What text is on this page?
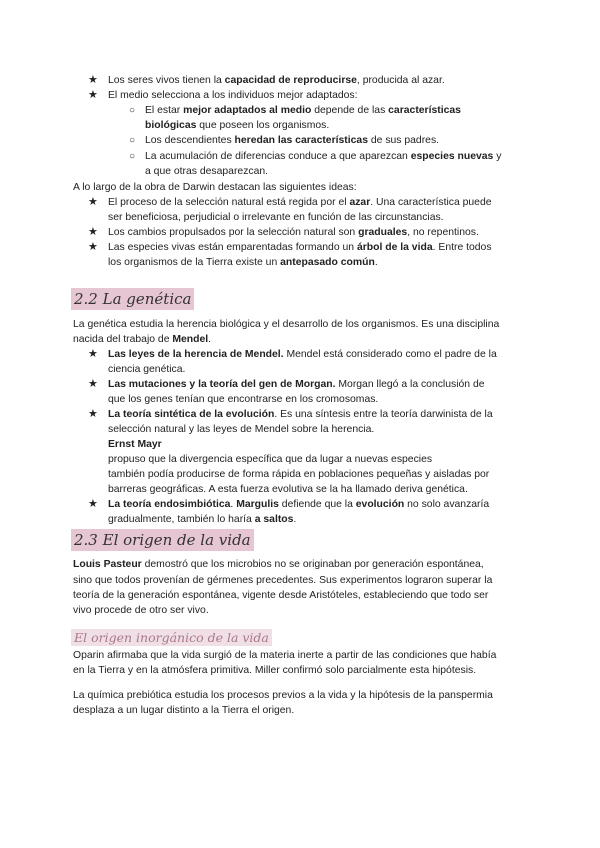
★ Los seres vivos tienen la capacidad de reproducirse, producida al azar.
★ El medio selecciona a los individuos mejor adaptados:
○ El estar mejor adaptados al medio depende de las características
biológicas que poseen los organismos.
○ Los descendientes heredan las características de sus padres.
○ La acumulación de diferencias conduce a que aparezcan especies nuevas y
a que otras desaparezcan.
A lo largo de la obra de Darwin destacan las siguientes ideas:
★ El proceso de la selección natural está regida por el azar. Una característica puede
ser beneficiosa, perjudicial o irrelevante en función de las circunstancias.
★ Los cambios propulsados por la selección natural son graduales, no repentinos.
★ Las especies vivas están emparentadas formando un árbol de la vida. Entre todos
los organismos de la Tierra existe un antepasado común.
2.2 La genética
La genética estudia la herencia biológica y el desarrollo de los organismos. Es una disciplina
nacida del trabajo de Mendel.
★ Las leyes de la herencia de Mendel. Mendel está considerado como el padre de la
ciencia genética.
★ Las mutaciones y la teoría del gen de Morgan. Morgan llegó a la conclusión de
que los genes tenían que encontrarse en los cromosomas.
★ La teoría sintética de la evolución. Es una síntesis entre la teoría darwinista de la
selección natural y las leyes de Mendel sobre la herencia.
Ernst Mayr
propuso que la divergencia específica que da lugar a nuevas especies
también podía producirse de forma rápida en poblaciones pequeñas y aisladas por
barreras geográficas. A esta fuerza evolutiva se la ha llamado deriva genética.
★ La teoría endosimbiótica. Margulis defiende que la evolución no solo avanzaría
gradualmente, también lo haría a saltos.
2.3 El origen de la vida
Louis Pasteur demostró que los microbios no se originaban por generación espontánea,
sino que todos provenían de gérmenes precedentes. Sus experimentos lograron superar la
teoría de la generación espontánea, vigente desde Aristóteles, estableciendo que todo ser
vivo procede de otro ser vivo.
El origen inorgánico de la vida
Oparin afirmaba que la vida surgió de la materia inerte a partir de las condiciones que había
en la Tierra y en la atmósfera primitiva. Miller confirmó solo parcialmente esta hipótesis.
La química prebiótica estudia los procesos previos a la vida y la hipótesis de la panspermia
desplaza a un lugar distinto a la Tierra el origen.
